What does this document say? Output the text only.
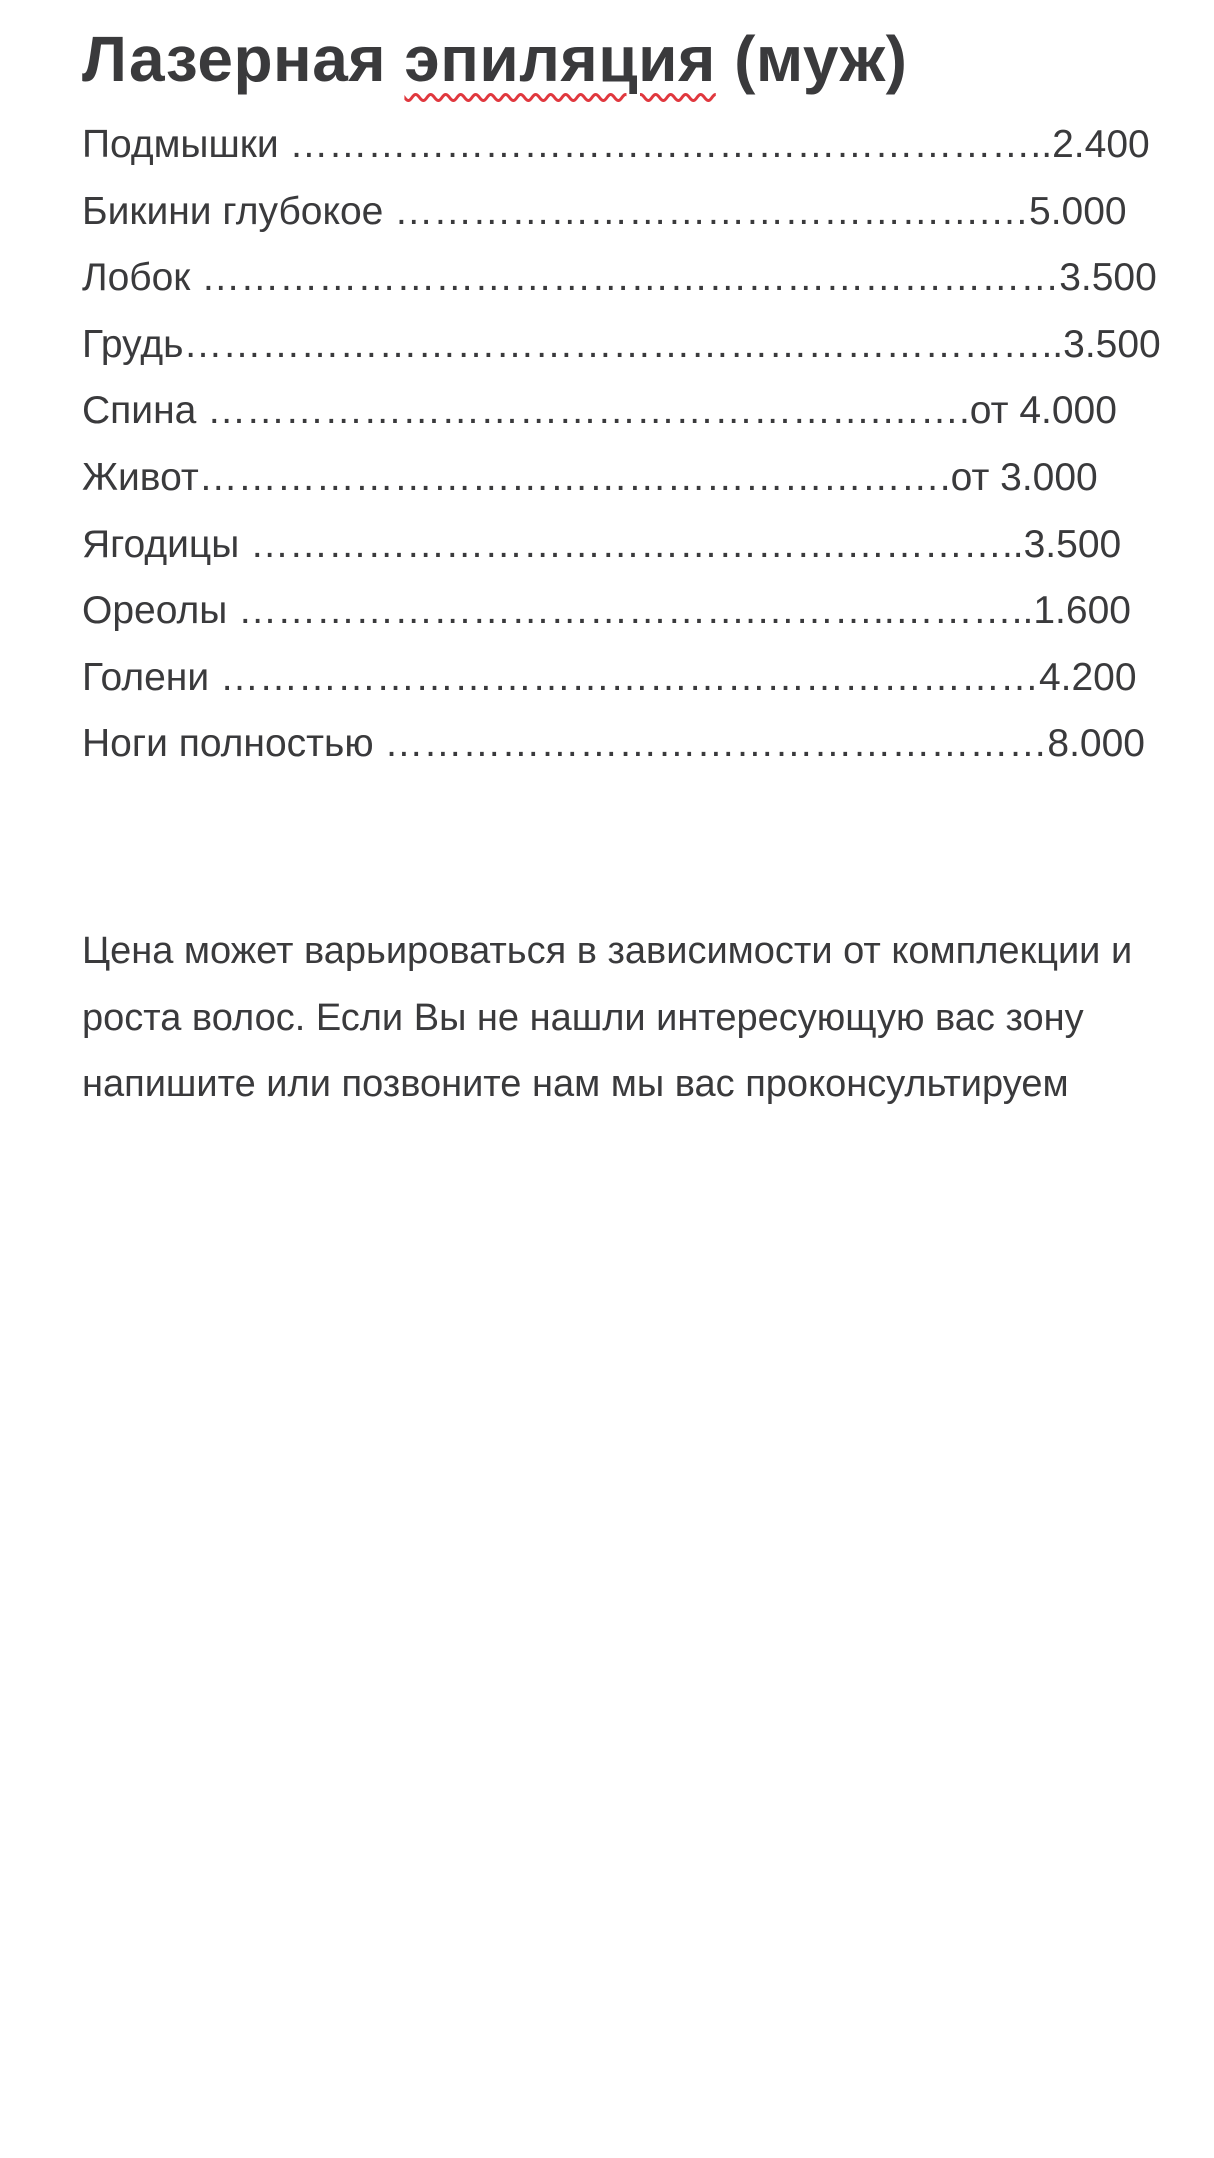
Лазерная эпиляция (муж)
Подмышки …………………………………………………..2.400
Бикини глубокое ……………………………………….…5.000
Лобок …………………………………………………………3.500
Грудь…………………………………………………………..3.500
Спина …………………………………………….…….от 4.000
Живот………………………………………………….от 3.000
Ягодицы ……………………………………….…………..3.500
Ореолы ………………………………….………..………..1.600
Голени ………………………………………………………4.200
Ноги полностью ……………………………………………8.000

Цена может варьироваться в зависимости от комплекции и роста волос. Если Вы не нашли интересующую вас зону напишите или позвоните нам мы вас проконсультируем
